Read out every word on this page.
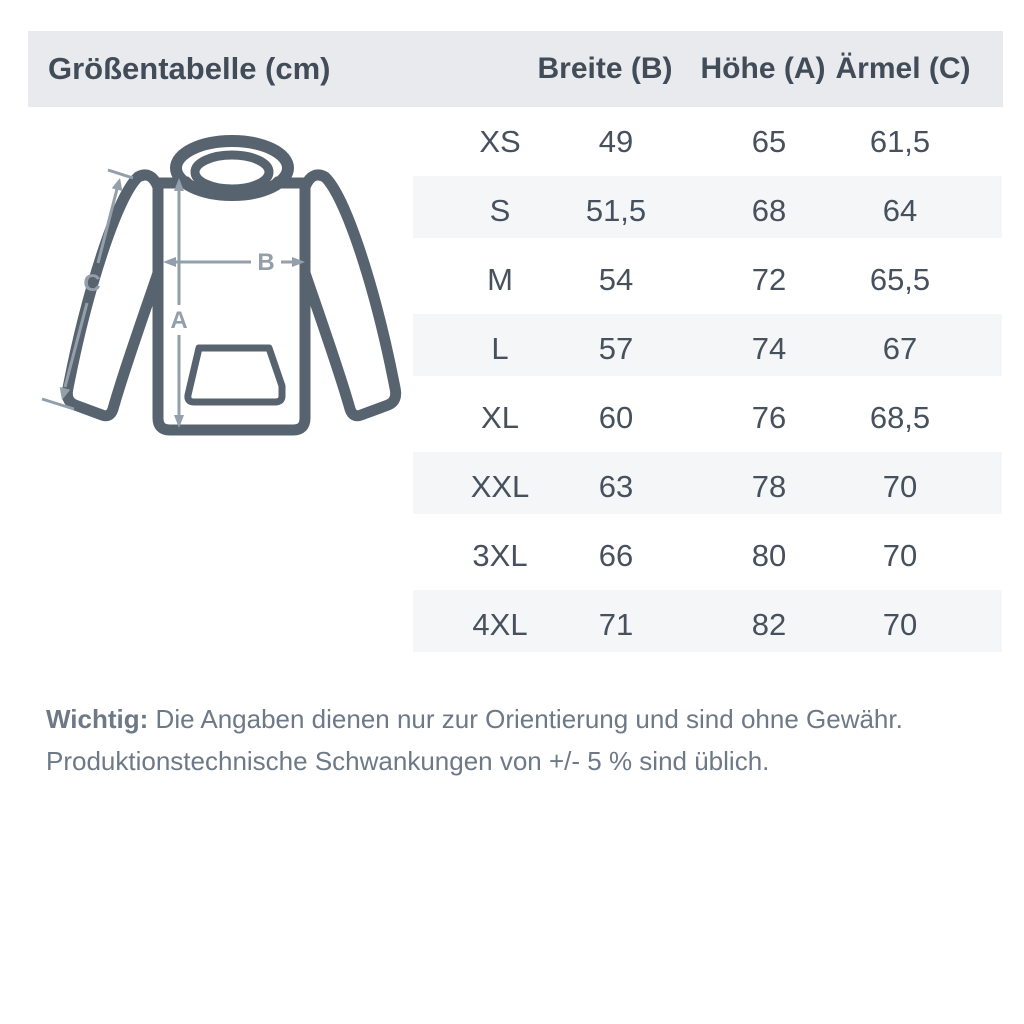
Größentabelle (cm)	Breite (B) Höhe (A) Ärmel (C)
A
B
C
XS	49	65	61,5
S 51,5	68	64
M	54	72	65,5
L	57	74	67
XL	60	76	68,5
XXL 63	78	70
3XL 66	80	70
4XL 71	82	70

Wichtig: Die Angaben dienen nur zur Orientierung und sind ohne Gewähr.
Produktionstechnische Schwankungen von +/- 5 % sind üblich.
